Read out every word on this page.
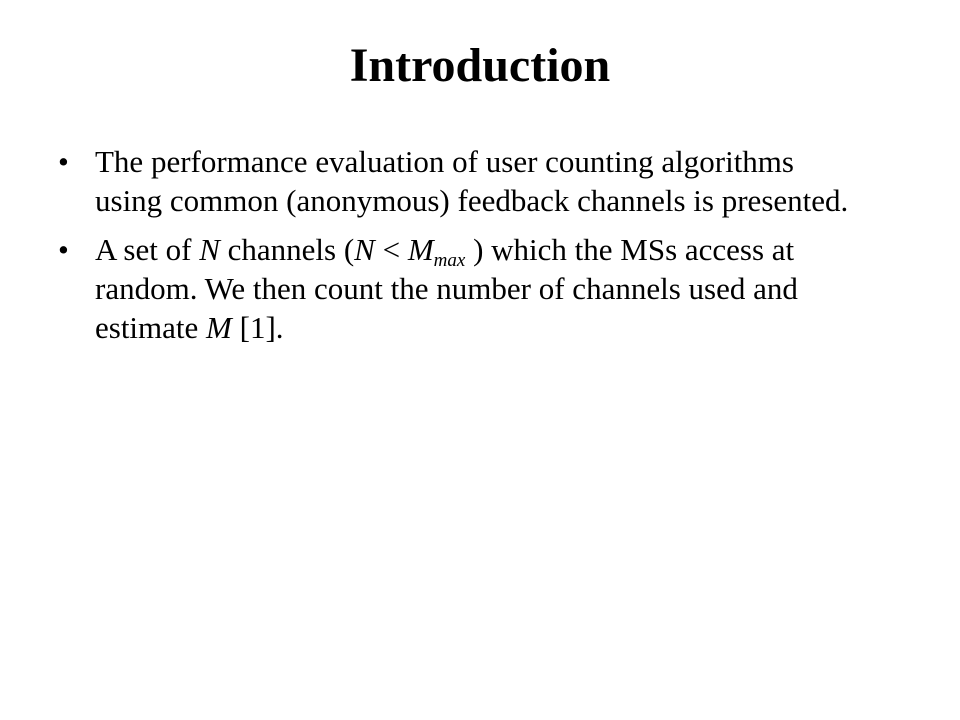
Introduction
• The performance evaluation of user counting algorithms using common (anonymous) feedback channels is presented.
• A set of N channels ($N < M_{max}$ ) which the MSs access at random. We then count the number of channels used and estimate M [1].
